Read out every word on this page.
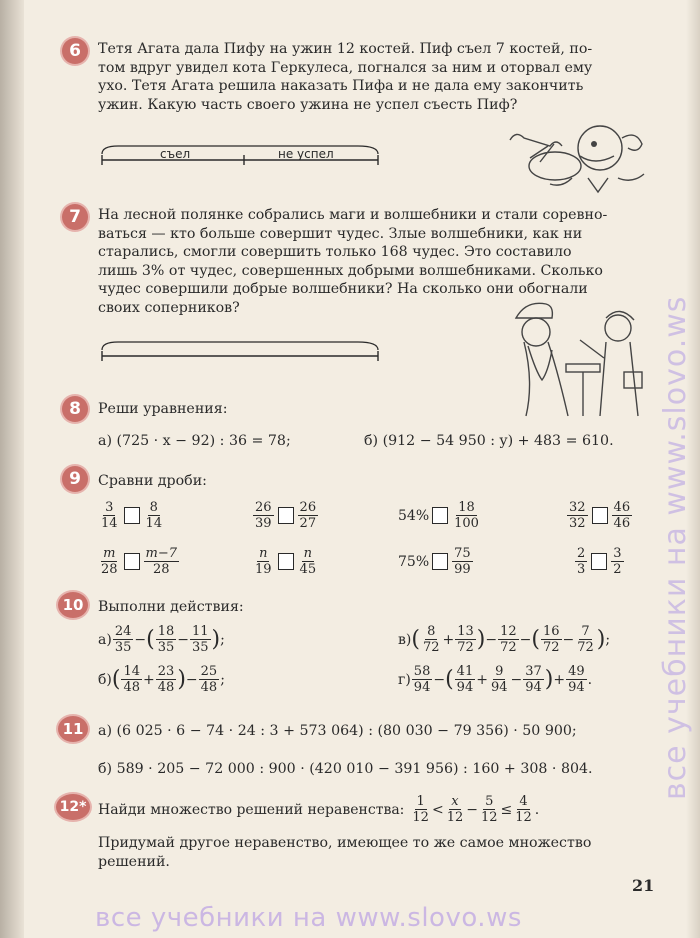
6	Тетя Агата дала Пифу на ужин 12 костей. Пиф съел 7 костей, по-
том вдруг увидел кота Геркулеса, погнался за ним и оторвал ему
ухо. Тетя Агата решила наказать Пифа и не дала ему закончить
ужин. Какую часть своего ужина не успел съесть Пиф?
съел	не успел
7	На лесной полянке собрались маги и волшебники и стали соревно-
ваться — кто больше совершит чудес. Злые волшебники, как ни
старались, смогли совершить только 168 чудес. Это составило
лишь 3% от чудес, совершенных добрыми волшебниками. Сколько
чудес совершили добрые волшебники? На сколько они обогнали
своих соперников?
8	Реши уравнения:
а) (725 · x − 92) : 36 = 78;	б) (912 − 54 950 : y) + 483 = 610.
9	Сравни дроби:
$\frac{3}{14} \frac{8}{14}$	$\frac{26}{39} \frac{26}{27}$	$54\% \frac{18}{100}$	$\frac{32}{32} \frac{46}{46}$
$\frac{m}{28} \frac{m-7}{28}$	$\frac{n}{19} \frac{n}{45}$	$75\% \frac{75}{99}$	$\frac{2}{3} \frac{3}{2}$
10	Выполни действия:
$а) \frac{24}{35}$ − ( $\frac{18}{35} - \frac{11}{35}$ ) ;	в) ( $\frac{8}{72} + \frac{13}{72}$ ) − $\frac{12}{72}$ − ( $\frac{16}{72} - \frac{7}{72}$ ) ;
б) ( $\frac{14}{48} + \frac{23}{48}$ ) − $\frac{25}{48}$ ;	$г) \frac{58}{94}$ − ( $\frac{41}{94} + \frac{9}{94} - \frac{37}{94}$ ) + $\frac{49}{94}$ .
11	а) (6 025 · 6 − 74 · 24 : 3 + 573 064) : (80 030 − 79 356) · 50 900;
б) 589 · 205 − 72 000 : 900 · (420 010 − 391 956) : 160 + 308 · 804.
12* Найди множество решений неравенства: $\frac{1}{12} < \frac{x}{12} - \frac{5}{12} \le \frac{4}{12}$ .
Придумай другое неравенство, имеющее то же самое множество
решений.
21
все учебники на www.slovo.ws
все учебники на www.slovo.ws
